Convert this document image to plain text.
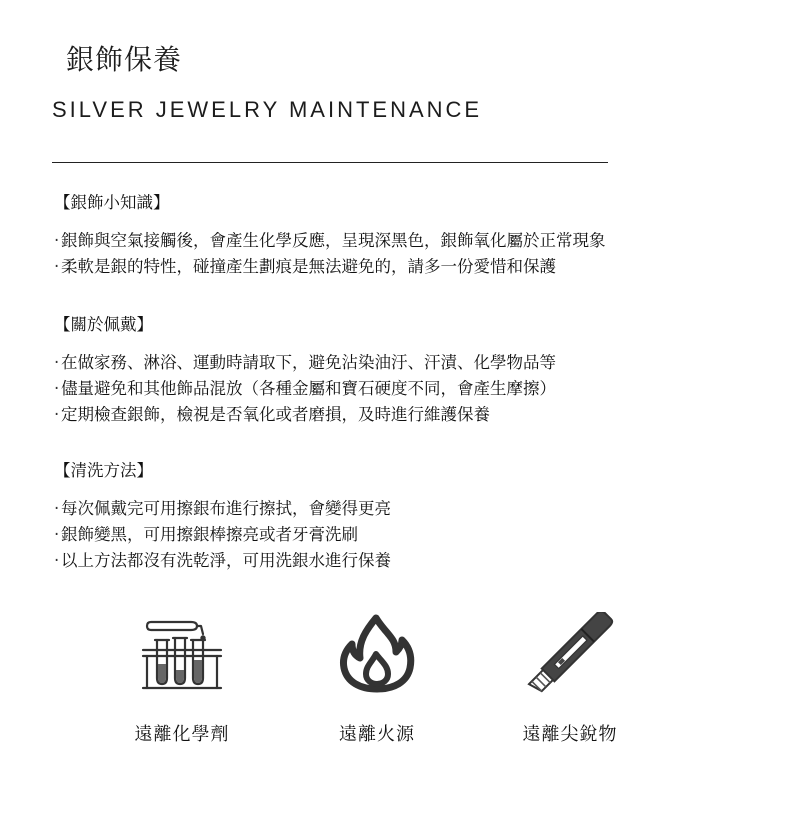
銀飾保養
SILVER JEWELRY MAINTENANCE
【銀飾小知識】
· 銀飾與空氣接觸後，會產生化學反應，呈現深黑色，銀飾氧化屬於正常現象
· 柔軟是銀的特性，碰撞產生劃痕是無法避免的，請多一份愛惜和保護
【關於佩戴】
· 在做家務、淋浴、運動時請取下，避免沾染油汙、汗漬、化學物品等
· 儘量避免和其他飾品混放（各種金屬和寶石硬度不同，會產生摩擦）
· 定期檢查銀飾，檢視是否氧化或者磨損，及時進行維護保養
【清洗方法】
· 每次佩戴完可用擦銀布進行擦拭，會變得更亮
· 銀飾變黑，可用擦銀棒擦亮或者牙膏洗刷
· 以上方法都沒有洗乾淨，可用洗銀水進行保養
遠離化學劑	遠離火源	遠離尖銳物
